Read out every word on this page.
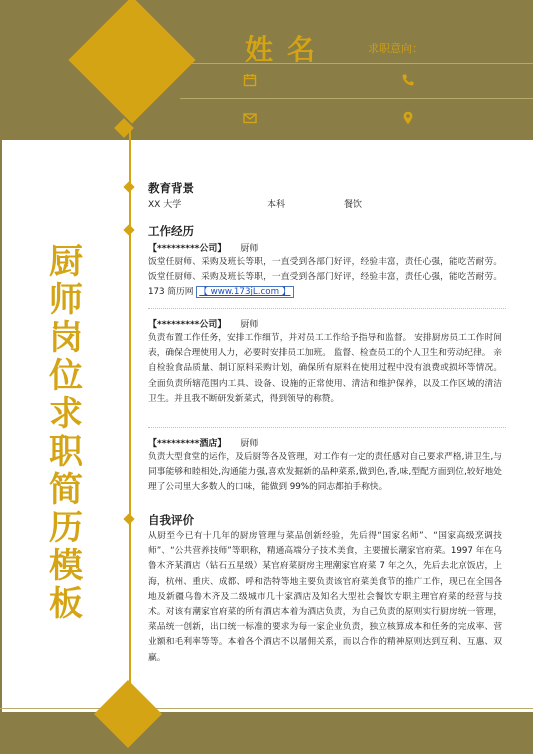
姓名	求职意向：
厨师岗位求职简历模板
教育背景
XX 大学	本科	餐饮
工作经历
【*********公司】 厨师
饭堂任厨师、采购及班长等职，一直受到各部门好评，经验丰富，责任心强，能吃苦耐劳。饭堂任厨师、采购及班长等职，一直受到各部门好评，经验丰富，责任心强，能吃苦耐劳。173 简历网 【 www.173jL.com 】
【*********公司】 厨师
负责布置工作任务，安排工作细节，并对员工工作给予指导和监督。 安排厨房员工工作时间表，确保合理使用人力，必要时安排员工加班。 监督、检查员工的个人卫生和劳动纪律。 亲自检验食品质量、制订原料采购计划，确保所有原料在使用过程中没有浪费或损坏等情况。 全面负责所辖范围内工具、设备、设施的正常使用、清洁和维护保养，以及工作区域的清洁卫生。并且我不断研发新菜式，得到领导的称赞。
【*********酒店】 厨师
负责大型食堂的运作，及后厨等各及管理，对工作有一定的责任感对自己要求严格,讲卫生,与同事能够和睦相处,沟通能力强,喜欢发掘新的品种菜系,做到色,香,味,型配方面到位,较好地处理了公司里大多数人的口味，能做到 99%的同志都拍手称快。
自我评价
从厨至今已有十几年的厨房管理与菜品创新经验，先后得“国家名师”、“国家高级烹调技师”、“公共营养技师”等职称，精通高端分子技术美食，主要擅长潮家官府菜。1997 年在乌鲁木齐某酒店（钻石五星级）某官府菜厨房主理潮家官府菜 7 年之久，先后去北京饭店，上海，杭州、重庆、成都、呼和浩特等地主要负责该官府菜美食节的推广工作，现已在全国各地及新疆乌鲁木齐及二级城市几十家酒店及知名大型社会餐饮专职主理官府菜的经营与技术。对该有潮家官府菜的所有酒店本着为酒店负责，为自己负责的原则实行厨房统一管理，菜品统一创新，出口统一标准的要求为每一家企业负责，独立核算成本和任务的完成率、营业额和毛利率等等。本着各个酒店不以屠佣关系，而以合作的精神原则达到互利、互惠、双赢。
